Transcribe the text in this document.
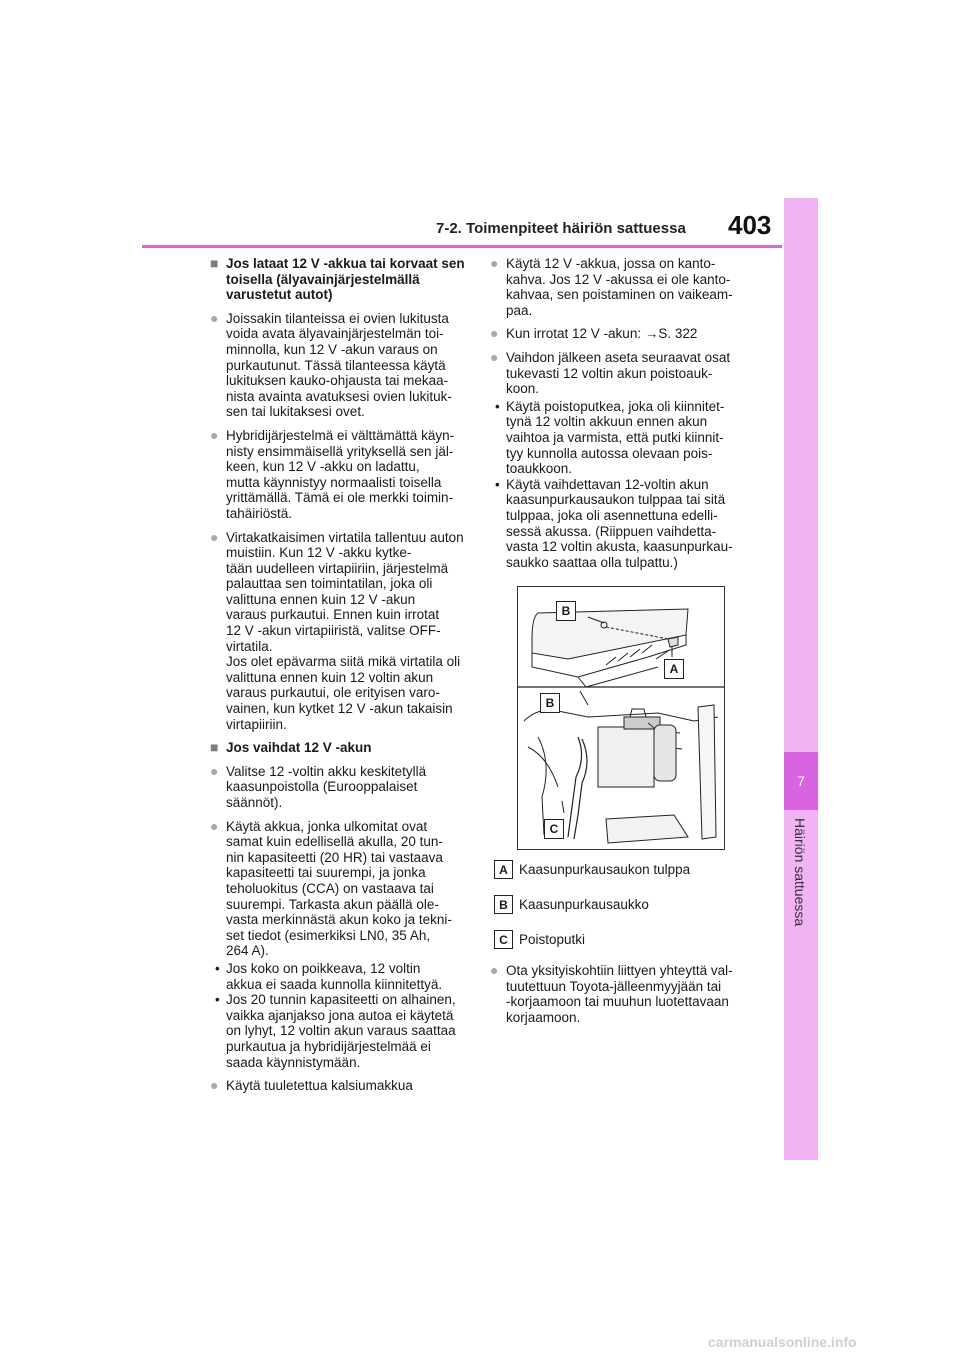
7
Häiriön sattuessa
7-2. Toimenpiteet häiriön sattuessa 403
■ Jos lataat 12 V -akkua tai korvaat sen toisella (älyavainjärjestelmällä varustetut autot)
● Joissakin tilanteissa ei ovien lukitusta voida avata älyavainjärjestelmän toi-
minnolla, kun 12 V -akun varaus on purkautunut. Tässä tilanteessa käytä lukituksen kauko-ohjausta tai mekaa-
nista avainta avatuksesi ovien lukituk-
sen tai lukitaksesi ovet.
● Hybridijärjestelmä ei välttämättä käyn-
nisty ensimmäisellä yrityksellä sen jäl-
keen, kun 12 V -akku on ladattu,
mutta käynnistyy normaalisti toisella yrittämällä. Tämä ei ole merkki toimin-
tahäiriöstä.
● Virtakatkaisimen virtatila tallentuu auton muistiin. Kun 12 V -akku kytke-
tään uudelleen virtapiiriin, järjestelmä palauttaa sen toimintatilan, joka oli valittuna ennen kuin 12 V -akun
varaus purkautui. Ennen kuin irrotat
12 V -akun virtapiiristä, valitse OFF-
virtatila.
Jos olet epävarma siitä mikä virtatila oli valittuna ennen kuin 12 voltin akun varaus purkautui, ole erityisen varo-
vainen, kun kytket 12 V -akun takaisin virtapiiriin.
■ Jos vaihdat 12 V -akun
● Valitse 12 -voltin akku keskitetyllä kaasunpoistolla (Eurooppalaiset
säännöt).
● Käytä akkua, jonka ulkomitat ovat samat kuin edellisellä akulla, 20 tun-
nin kapasiteetti (20 HR) tai vastaava kapasiteetti tai suurempi, ja jonka teholuokitus (CCA) on vastaava tai suurempi. Tarkasta akun päällä ole-
vasta merkinnästä akun koko ja tekni-
set tiedot (esimerkiksi LN0, 35 Ah,
264 A).
• Jos koko on poikkeava, 12 voltin
akkua ei saada kunnolla kiinnitettyä.
• Jos 20 tunnin kapasiteetti on alhainen, vaikka ajanjakso jona autoa ei käytetä on lyhyt, 12 voltin akun varaus saattaa purkautua ja hybridijärjestelmää ei
saada käynnistymään.
● Käytä tuuletettua kalsiumakkua
● Käytä 12 V -akkua, jossa on kanto-
kahva. Jos 12 V -akussa ei ole kanto-
kahvaa, sen poistaminen on vaikeam-
paa.
● Kun irrotat 12 V -akun: →S. 322
● Vaihdon jälkeen aseta seuraavat osat tukevasti 12 voltin akun poistoauk-
koon.
• Käytä poistoputkea, joka oli kiinnitet-
tynä 12 voltin akkuun ennen akun vaihtoa ja varmista, että putki kiinnit-
tyy kunnolla autossa olevaan pois-
toaukkoon.
• Käytä vaihdettavan 12-voltin akun kaasunpurkausaukon tulppaa tai sitä tulppaa, joka oli asennettuna edelli-
sessä akussa. (Riippuen vaihdetta-
vasta 12 voltin akusta, kaasunpurkau-
saukko saattaa olla tulpattu.)
B
A
B
C
A Kaasunpurkausaukon tulppa
B Kaasunpurkausaukko
C Poistoputki
● Ota yksityiskohtiin liittyen yhteyttä val-
tuutettuun Toyota-jälleenmyyjään tai
-korjaamoon tai muuhun luotettavaan korjaamoon.
carmanualsonline.info
